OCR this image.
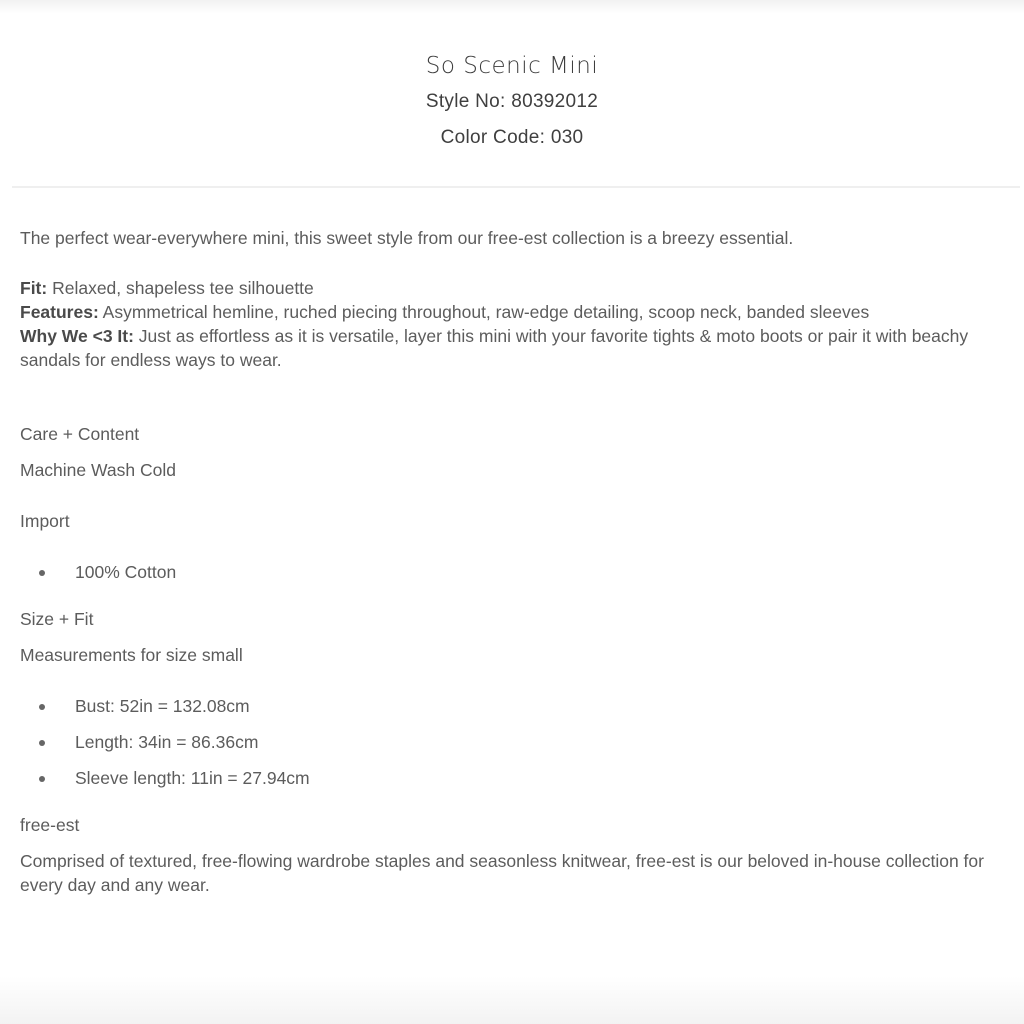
So Scenic Mini
Style No: 80392012
Color Code: 030

The perfect wear-everywhere mini, this sweet style from our free-est collection is a breezy essential.

Fit: Relaxed, shapeless tee silhouette

Features: Asymmetrical hemline, ruched piecing throughout, raw-edge detailing, scoop neck, banded sleeves

Why We <3 It: Just as effortless as it is versatile, layer this mini with your favorite tights & moto boots or pair it with beachy sandals for endless ways to wear.

Care + Content

Machine Wash Cold

Import

100% Cotton

Size + Fit

Measurements for size small

Bust: 52in = 132.08cm
Length: 34in = 86.36cm
Sleeve length: 11in = 27.94cm

free-est

Comprised of textured, free-flowing wardrobe staples and seasonless knitwear, free-est is our beloved in-house collection for every day and any wear.
